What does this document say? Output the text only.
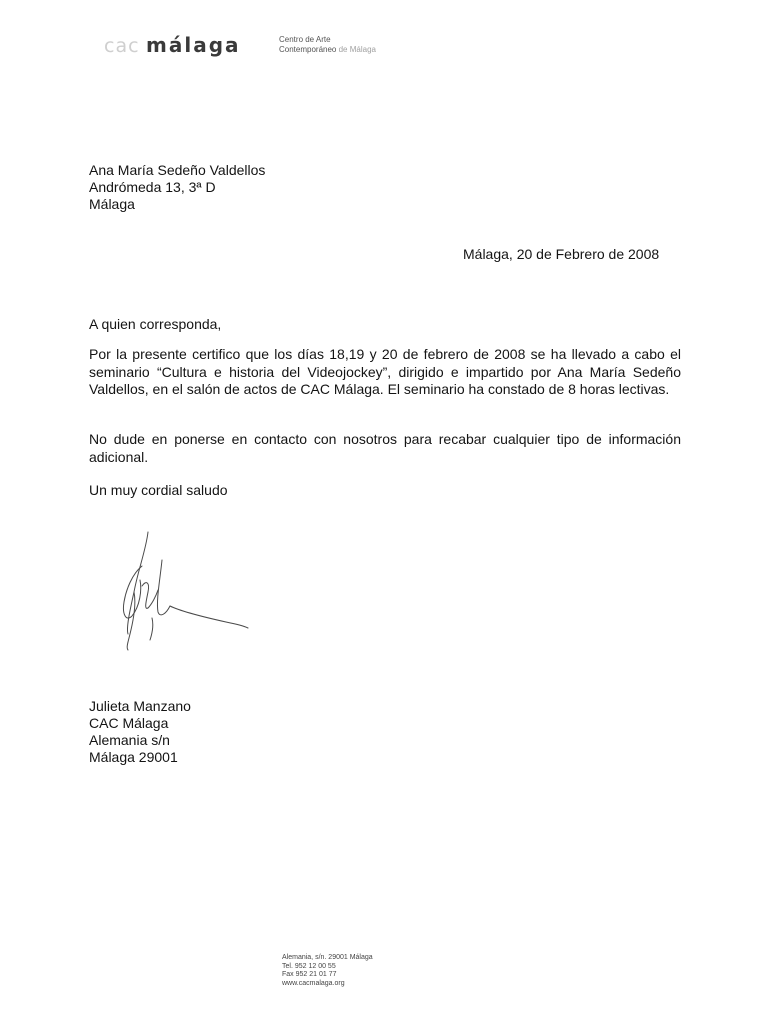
cac málaga	Centro de Arte
Contemporáneo de Málaga
Ana María Sedeño Valdellos
Andrómeda 13, 3ª D
Málaga
Málaga, 20 de Febrero de 2008
A quien corresponda,
Por la presente certifico que los días 18,19 y 20 de febrero de 2008 se ha llevado a cabo el seminario “Cultura e historia del Videojockey”, dirigido e impartido por Ana María Sedeño Valdellos, en el salón de actos de CAC Málaga. El seminario ha constado de 8 horas lectivas.
No dude en ponerse en contacto con nosotros para recabar cualquier tipo de información adicional.
Un muy cordial saludo
Julieta Manzano
CAC Málaga
Alemania s/n
Málaga 29001
Alemania, s/n. 29001 Málaga
Tel. 952 12 00 55
Fax 952 21 01 77
www.cacmalaga.org
